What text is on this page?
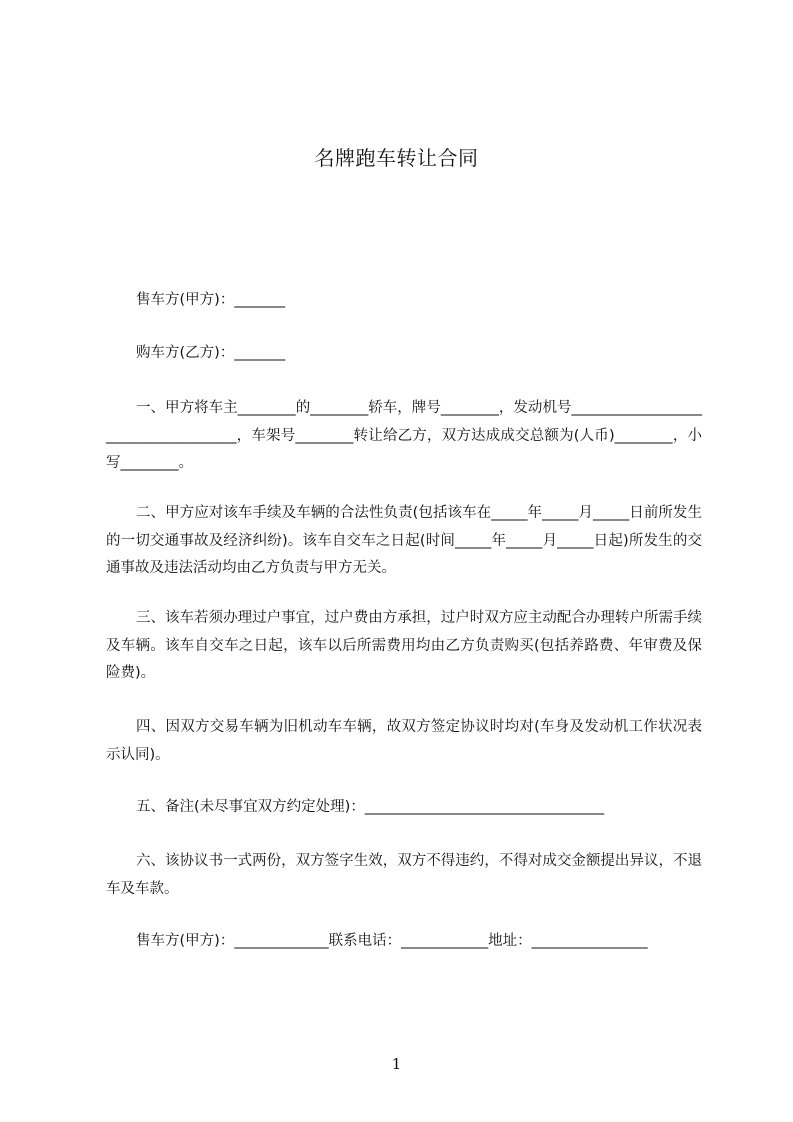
名牌跑车转让合同

售车方(甲方)：_______

购车方(乙方)：_______

一、甲方将车主________的________轿车，牌号________，发动机号____________________________________，车架号________转让给乙方，双方达成成交总额为(人币)________，小写________。

二、甲方应对该车手续及车辆的合法性负责(包括该车在_____年_____月_____日前所发生的一切交通事故及经济纠纷)。该车自交车之日起(时间_____年_____月_____日起)所发生的交通事故及违法活动均由乙方负责与甲方无关。

三、该车若须办理过户事宜，过户费由方承担，过户时双方应主动配合办理转户所需手续及车辆。该车自交车之日起，该车以后所需费用均由乙方负责购买(包括养路费、年审费及保险费)。

四、因双方交易车辆为旧机动车车辆，故双方签定协议时均对(车身及发动机工作状况表示认同)。

五、备注(未尽事宜双方约定处理)：_________________________________

六、该协议书一式两份，双方签字生效，双方不得违约，不得对成交金额提出异议，不退车及车款。

售车方(甲方)：_____________联系电话：____________地址：________________

1
